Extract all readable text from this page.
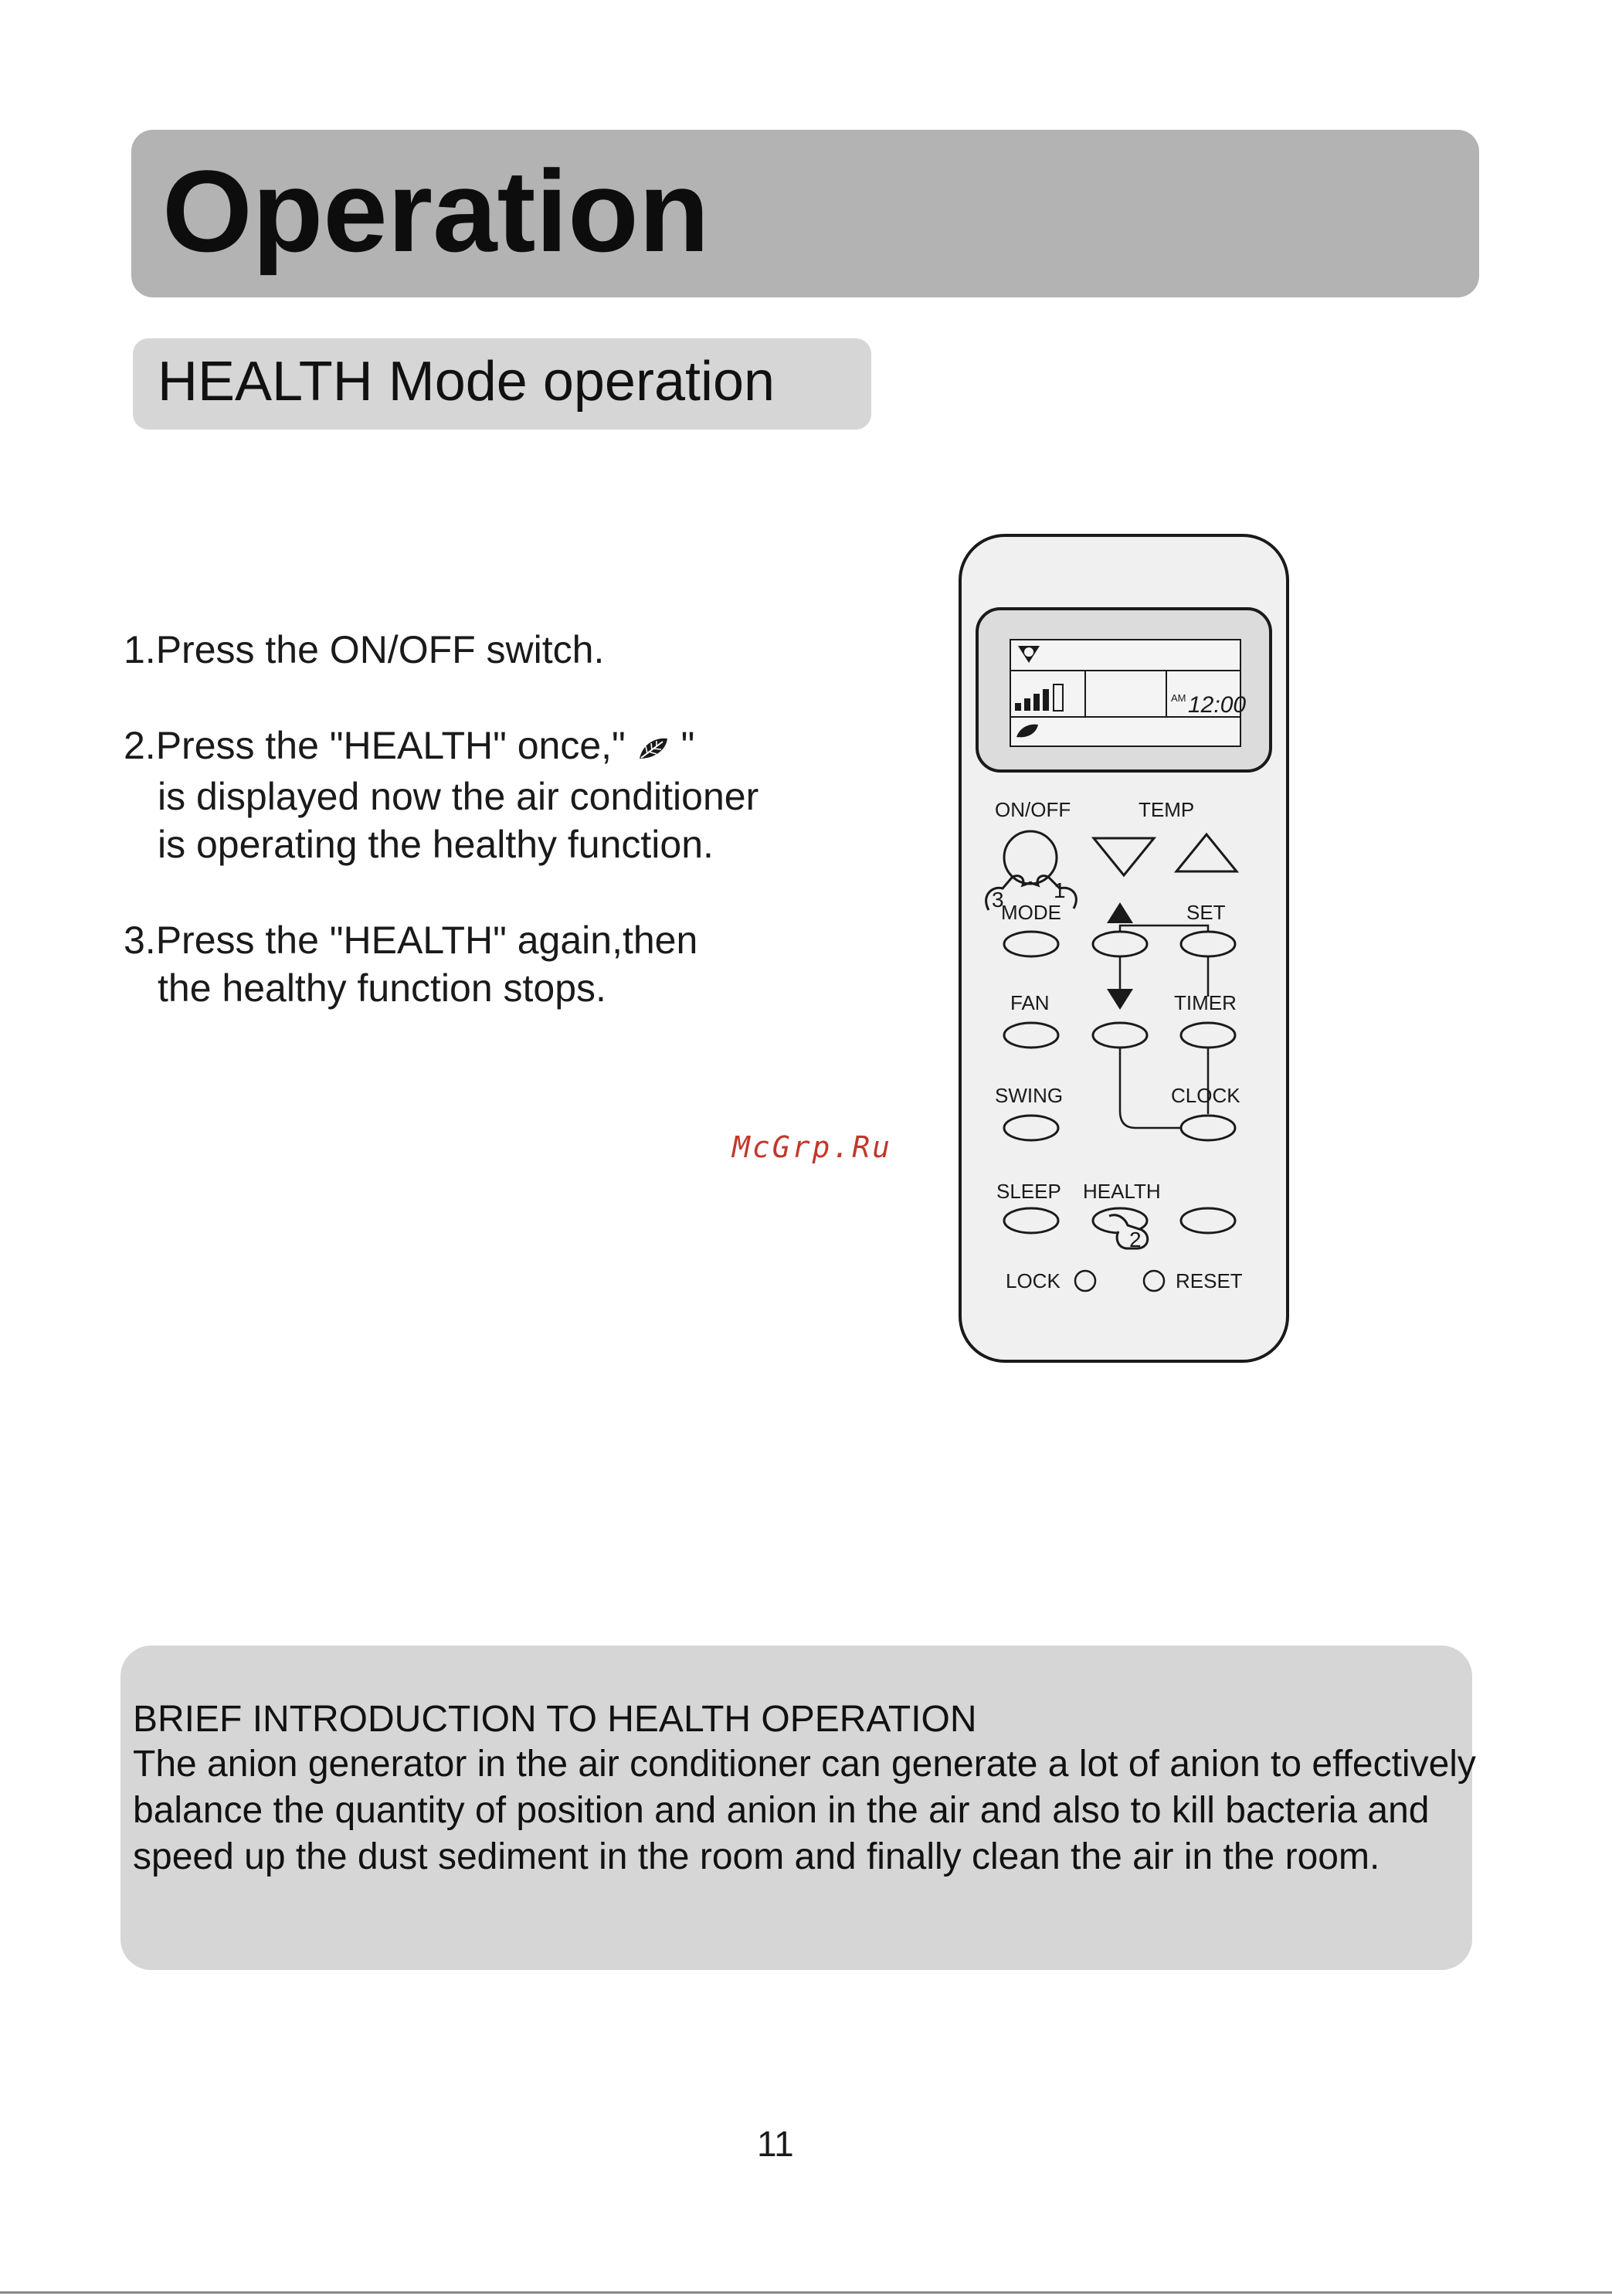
Operation
HEALTH Mode operation
1.Press the ON/OFF switch.
2.Press the "HEALTH" once,"  "
is displayed now the air conditioner
is operating the healthy function.
3.Press the "HEALTH" again,then
the healthy function stops.
McGrp.Ru
AM 12:00
ON/OFF	TEMP
3 1
MODE	SET
FAN	TIMER
SWING	CLOCK
SLEEP HEALTH
2
LOCK	RESET
BRIEF INTRODUCTION TO HEALTH OPERATION
The anion generator in the air conditioner can generate a lot of anion to effectively balance the quantity of position and anion in the air and also to kill bacteria and speed up the dust sediment in the room and finally clean the air in the room.
11
